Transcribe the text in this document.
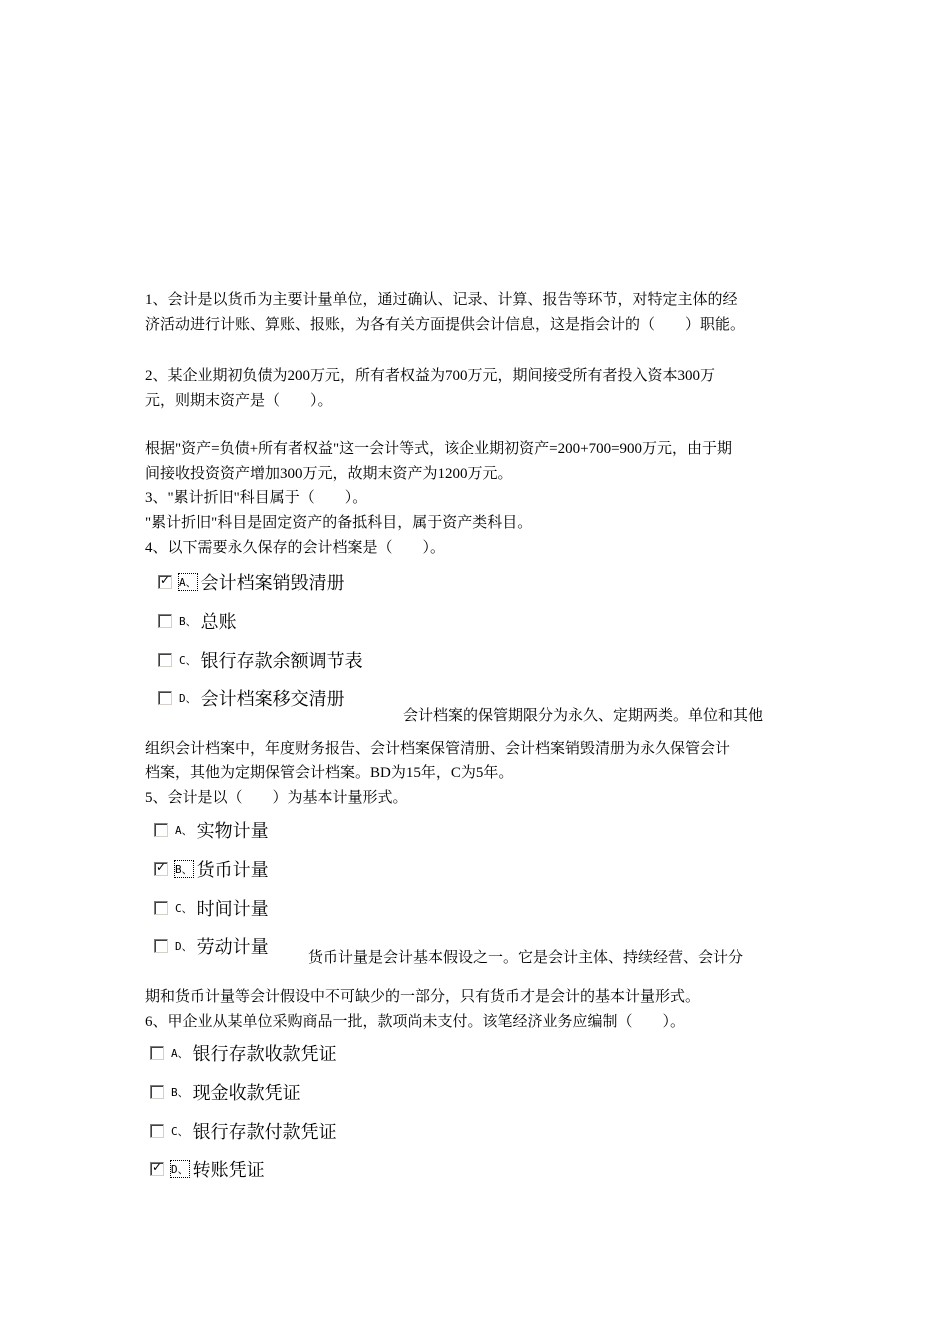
1、会计是以货币为主要计量单位，通过确认、记录、计算、报告等环节，对特定主体的经

济活动进行计账、算账、报账，为各有关方面提供会计信息，这是指会计的（　　）职能。

2、某企业期初负债为200万元，所有者权益为700万元，期间接受所有者投入资本300万

元，则期末资产是（　　）。

根据"资产=负债+所有者权益"这一会计等式，该企业期初资产=200+700=900万元，由于期

间接收投资资产增加300万元，故期末资产为1200万元。

3、"累计折旧"科目属于（　　）。

"累计折旧"科目是固定资产的备抵科目，属于资产类科目。

4、以下需要永久保存的会计档案是（　　）。

✓ A、 会计档案销毁清册
B、 总账
C、 银行存款余额调节表
D、 会计档案移交清册
会计档案的保管期限分为永久、定期两类。单位和其他

组织会计档案中，年度财务报告、会计档案保管清册、会计档案销毁清册为永久保管会计

档案，其他为定期保管会计档案。BD为15年，C为5年。

5、会计是以（　　）为基本计量形式。

A、 实物计量
✓ B、 货币计量
C、 时间计量
D、 劳动计量	货币计量是会计基本假设之一。它是会计主体、持续经营、会计分

期和货币计量等会计假设中不可缺少的一部分，只有货币才是会计的基本计量形式。

6、甲企业从某单位采购商品一批，款项尚未支付。该笔经济业务应编制（　　）。

A、 银行存款收款凭证
B、 现金收款凭证
C、 银行存款付款凭证
✓ D、 转账凭证
